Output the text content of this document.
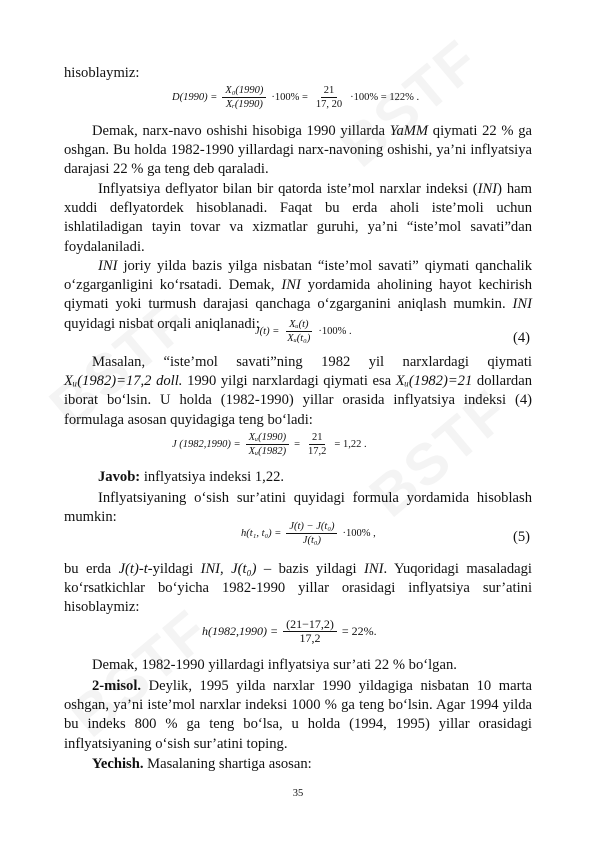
hisoblaymiz:

$D(1990) = \frac{\text{X₀(1990)}}{\text{Xᵣ(1990)}} \cdot 100\% = \frac{21}{17, 20} \cdot 100\% = 122\%$ .

Demak, narx-navo oshishi hisobiga 1990 yillarda YaMM qiymati 22 % ga oshgan. Bu holda 1982-1990 yillardagi narx-navoning oshishi, ya’ni inflyatsiya darajasi 22 % ga teng deb qaraladi.

Inflyatsiya deflyator bilan bir qatorda iste’mol narxlar indeksi (INI) ham xuddi deflyatordek hisoblanadi. Faqat bu erda aholi iste’moli uchun ishlatiladigan tayin tovar va xizmatlar guruhi, ya’ni “iste’mol savati”dan foydalaniladi.

INI joriy yilda bazis yilga nisbatan “iste’mol savati” qiymati qanchalik o‘zgarganligini ko‘rsatadi. Demak, INI yordamida aholining hayot kechirish qiymati yoki turmush darajasi qanchaga o‘zgarganini aniqlash mumkin. INI quyidagi nisbat orqali aniqlanadi:

$J(t) = \frac{\text{Xᵤ(t)}}{\text{Xᵤ(t₀)}} \cdot 100\%$ .	(4)

Masalan, “iste’mol savati”ning 1982 yil narxlardagi qiymati Xᵤ(1982)=17,2 doll. 1990 yilgi narxlardagi qiymati esa Xᵤ(1982)=21 dollardan iborat bo‘lsin. U holda (1982-1990) yillar orasida inflyatsiya indeksi (4) formulaga asosan quyidagiga teng bo‘ladi:

J $(1982,1990) = \frac{\text{Xᵤ(1990)}}{\text{Xᵤ(1982)}} = \frac{21}{17,2} = 1,22$ .

Javob: inflyatsiya indeksi 1,22.

Inflyatsiyaning o‘sish sur’atini quyidagi formula yordamida hisoblash mumkin:

h(t₁, $t_0) = \frac{\text{J(t) − J(t₀)}}{\text{J(t₀)}} \cdot 100\%$ ,	(5)

bu erda J(t)-t-yildagi INI, J(t₀) – bazis yildagi INI. Yuqoridagi masaladagi ko‘rsatkichlar bo‘yicha 1982-1990 yillar orasidagi inflyatsiya sur’atini hisoblaymiz:

$h(1982,1990) = \frac{(21-17,2)}{17,2} = 22\%$.

Demak, 1982-1990 yillardagi inflyatsiya sur’ati 22 % bo‘lgan.

2-misol. Deylik, 1995 yilda narxlar 1990 yildagiga nisbatan 10 marta oshgan, ya’ni iste’mol narxlar indeksi 1000 % ga teng bo‘lsin. Agar 1994 yilda bu indeks 800 % ga teng bo‘lsa, u holda (1994, 1995) yillar orasidagi inflyatsiyaning o‘sish sur’atini toping.

Yechish. Masalaning shartiga asosan:

35
